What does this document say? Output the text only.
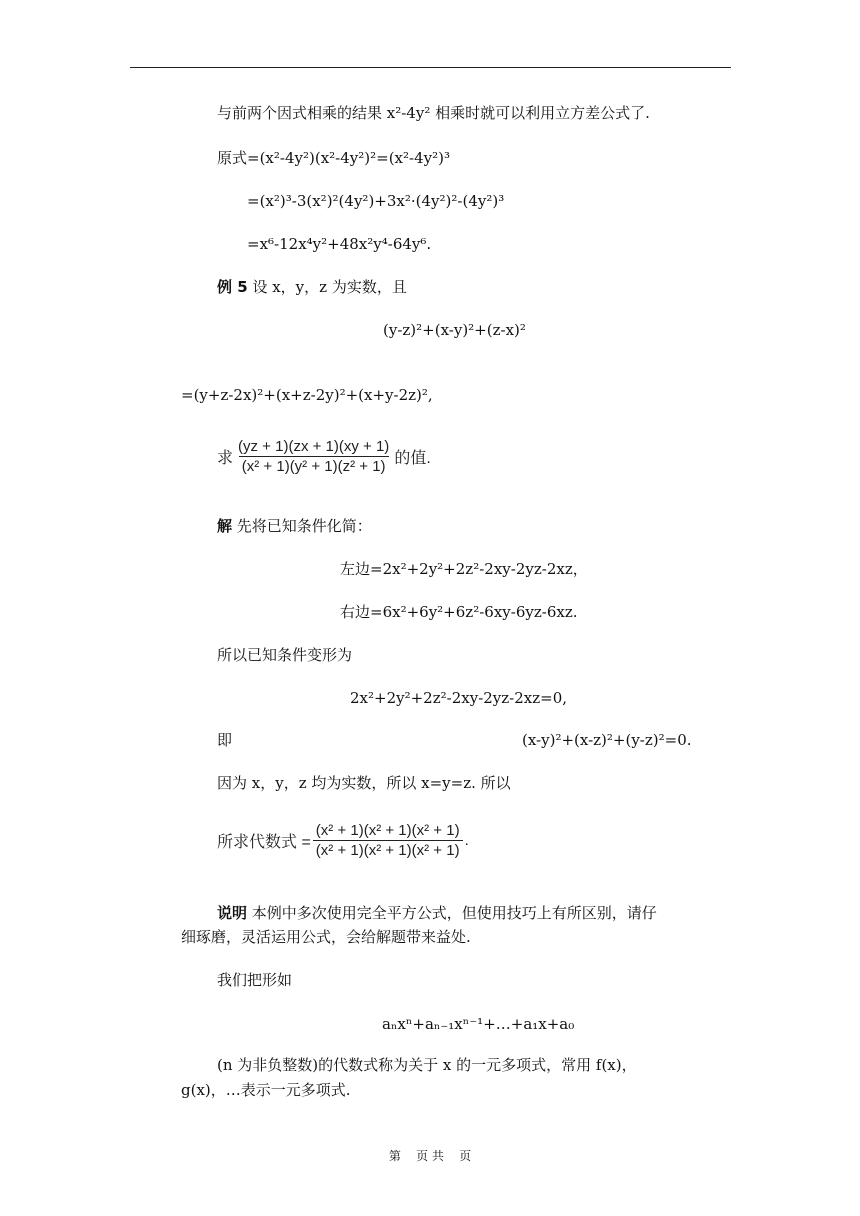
与前两个因式相乘的结果 x²-4y² 相乘时就可以利用立方差公式了.
原式=(x²-4y²)(x²-4y²)²=(x²-4y²)³
=(x²)³-3(x²)²(4y²)+3x²·(4y²)²-(4y²)³
=x⁶-12x⁴y²+48x²y⁴-64y⁶.
例 5 设 x，y，z 为实数，且
(y-z)²+(x-y)²+(z-x)²
=(y+z-2x)²+(x+z-2y)²+(x+y-2z)²,
求 $\frac{(yz + 1)(zx + 1)(xy + 1)}{\text{(x² + 1)(y² + 1)(z² + 1)}}$ 的值.
解 先将已知条件化简：
左边=2x²+2y²+2z²-2xy-2yz-2xz，
右边=6x²+6y²+6z²-6xy-6yz-6xz.
所以已知条件变形为
2x²+2y²+2z²-2xy-2yz-2xz=0,
即	(x-y)²+(x-z)²+(y-z)²=0.
因为 x，y，z 均为实数，所以 x=y=z. 所以
所求代数式 = $\frac{\text{(x² + 1)(x² + 1)(x² + 1)}}{\text{(x² + 1)(x² + 1)(x² + 1)}}$ .
说明 本例中多次使用完全平方公式，但使用技巧上有所区别，请仔
细琢磨，灵活运用公式，会给解题带来益处.
我们把形如
aₙxⁿ+aₙ₋₁xⁿ⁻¹+…+a₁x+a₀
(n 为非负整数)的代数式称为关于 x 的一元多项式，常用 f(x)，
g(x)，…表示一元多项式.
第    页 共    页
